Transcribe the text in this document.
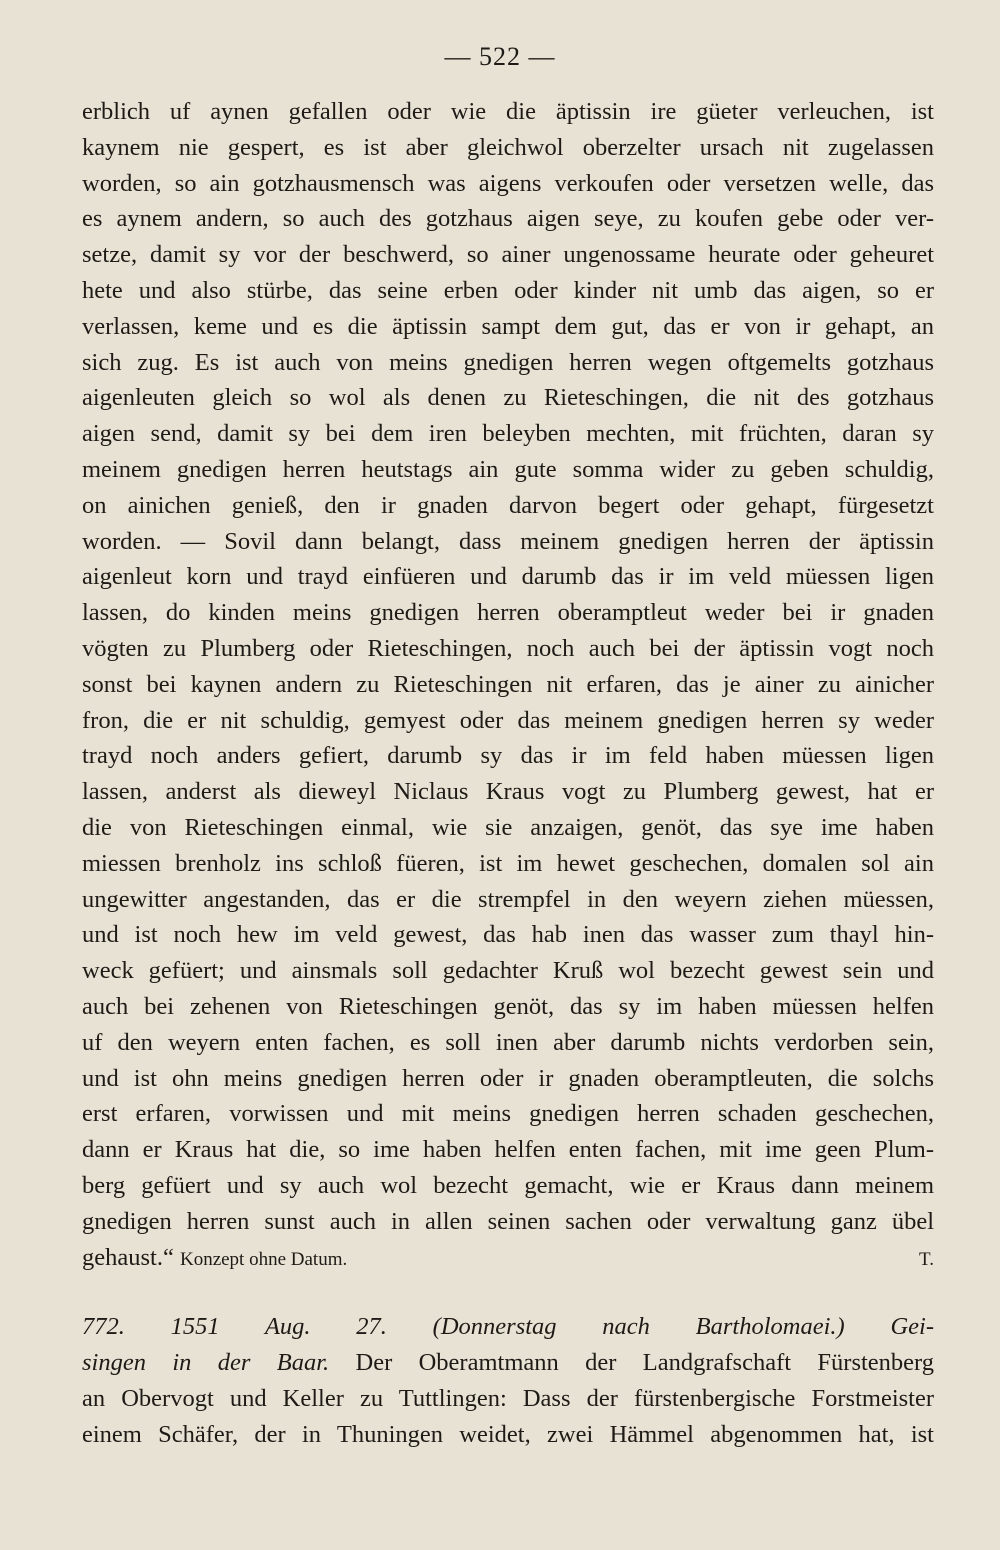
— 522 —
erblich uf aynen gefallen oder wie die äptissin ire güeter verleuchen, ist
kaynem nie gespert, es ist aber gleichwol oberzelter ursach nit zugelassen
worden, so ain gotzhausmensch was aigens verkoufen oder versetzen welle, das
es aynem andern, so auch des gotzhaus aigen seye, zu koufen gebe oder ver-
setze, damit sy vor der beschwerd, so ainer ungenossame heurate oder geheuret
hete und also stürbe, das seine erben oder kinder nit umb das aigen, so er
verlassen, keme und es die äptissin sampt dem gut, das er von ir gehapt, an
sich zug. Es ist auch von meins gnedigen herren wegen oftgemelts gotzhaus
aigenleuten gleich so wol als denen zu Rieteschingen, die nit des gotzhaus
aigen send, damit sy bei dem iren beleyben mechten, mit früchten, daran sy
meinem gnedigen herren heutstags ain gute somma wider zu geben schuldig,
on ainichen genieß, den ir gnaden darvon begert oder gehapt, fürgesetzt
worden. — Sovil dann belangt, dass meinem gnedigen herren der äptissin
aigenleut korn und trayd einfüeren und darumb das ir im veld müessen ligen
lassen, do kinden meins gnedigen herren oberamptleut weder bei ir gnaden
vögten zu Plumberg oder Rieteschingen, noch auch bei der äptissin vogt noch
sonst bei kaynen andern zu Rieteschingen nit erfaren, das je ainer zu ainicher
fron, die er nit schuldig, gemyest oder das meinem gnedigen herren sy weder
trayd noch anders gefiert, darumb sy das ir im feld haben müessen ligen
lassen, anderst als dieweyl Niclaus Kraus vogt zu Plumberg gewest, hat er
die von Rieteschingen einmal, wie sie anzaigen, genöt, das sye ime haben
miessen brenholz ins schloß füeren, ist im hewet geschechen, domalen sol ain
ungewitter angestanden, das er die strempfel in den weyern ziehen müessen,
und ist noch hew im veld gewest, das hab inen das wasser zum thayl hin-
weck gefüert; und ainsmals soll gedachter Kruß wol bezecht gewest sein und
auch bei zehenen von Rieteschingen genöt, das sy im haben müessen helfen
uf den weyern enten fachen, es soll inen aber darumb nichts verdorben sein,
und ist ohn meins gnedigen herren oder ir gnaden oberamptleuten, die solchs
erst erfaren, vorwissen und mit meins gnedigen herren schaden geschechen,
dann er Kraus hat die, so ime haben helfen enten fachen, mit ime geen Plum-
berg gefüert und sy auch wol bezecht gemacht, wie er Kraus dann meinem
gnedigen herren sunst auch in allen seinen sachen oder verwaltung ganz übel
gehaust.“ Konzept ohne Datum.	T.
772. 1551 Aug. 27. (Donnerstag nach Bartholomaei.) Gei-
singen in der Baar. Der Oberamtmann der Landgrafschaft Fürstenberg
an Obervogt und Keller zu Tuttlingen: Dass der fürstenbergische Forstmeister
einem Schäfer, der in Thuningen weidet, zwei Hämmel abgenommen hat, ist
